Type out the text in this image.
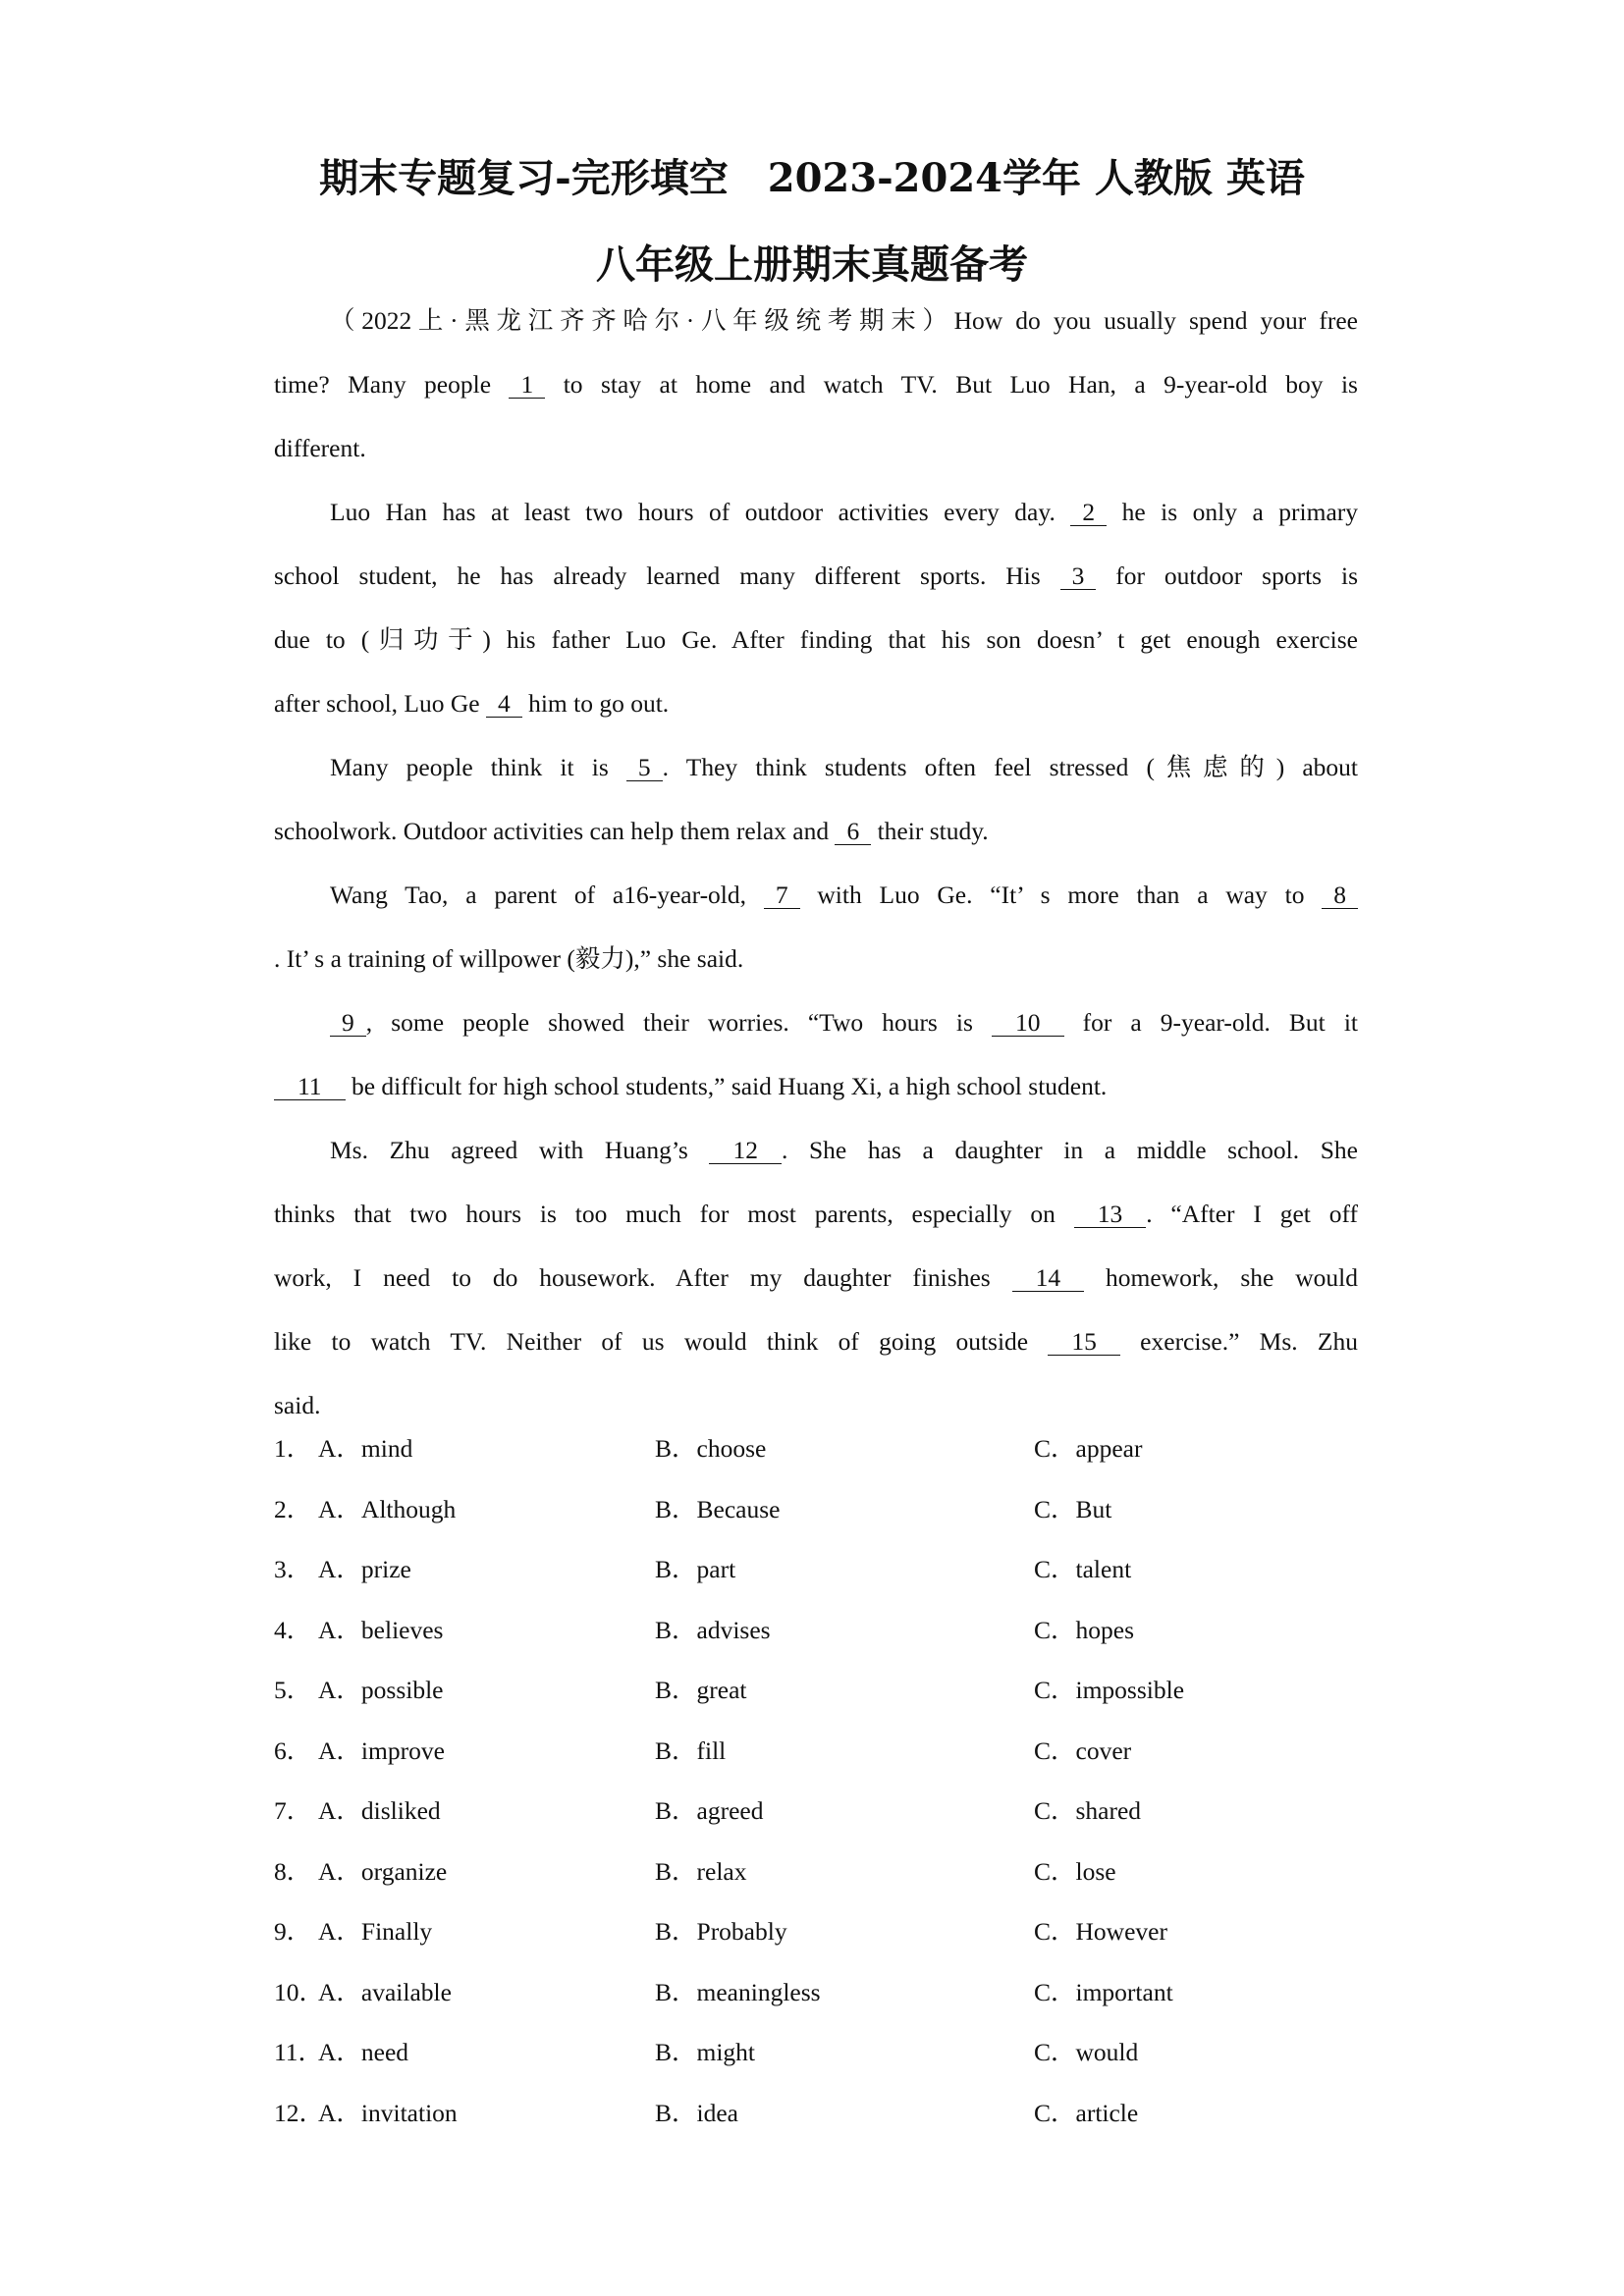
期末专题复习-完形填空　2023-2024学年 人教版 英语
八年级上册期末真题备考
（2022上·黑龙江齐齐哈尔·八年级统考期末）How do you usually spend your free
time? Many people 1 to stay at home and watch TV. But Luo Han, a 9-year-old boy is
different.
Luo Han has at least two hours of outdoor activities every day. 2 he is only a primary
school student, he has already learned many different sports. His 3 for outdoor sports is
due to (归功于) his father Luo Ge. After finding that his son doesn’ t get enough exercise
after school, Luo Ge 4 him to go out.
Many people think it is 5 . They think students often feel stressed (焦虑的) about
schoolwork. Outdoor activities can help them relax and 6 their study.
Wang Tao, a parent of a16-year-old, 7 with Luo Ge. “It’ s more than a way to 8
. It’ s a training of willpower (毅力),” she said.
9 , some people showed their worries. “Two hours is 10 for a 9-year-old. But it
11 be difficult for high school students,” said Huang Xi, a high school student.
Ms. Zhu agreed with Huang’s 12 . She has a daughter in a middle school. She
thinks that two hours is too much for most parents, especially on 13 . “After I get off
work, I need to do housework. After my daughter finishes 14 homework, she would
like to watch TV. Neither of us would think of going outside 15 exercise.” Ms. Zhu
said.
1． A．mind	B．choose	C．appear
2． A．Although	B．Because	C．But
3． A．prize	B．part	C．talent
4． A．believes	B．advises	C．hopes
5． A．possible	B．great	C．impossible
6． A．improve	B．fill	C．cover
7． A．disliked	B．agreed	C．shared
8． A．organize	B．relax	C．lose
9． A．Finally	B．Probably	C．However
10．
A．available	B．meaningless	C．important
11．
A．need	B．might	C．would
12．
A．invitation	B．idea	C．article
